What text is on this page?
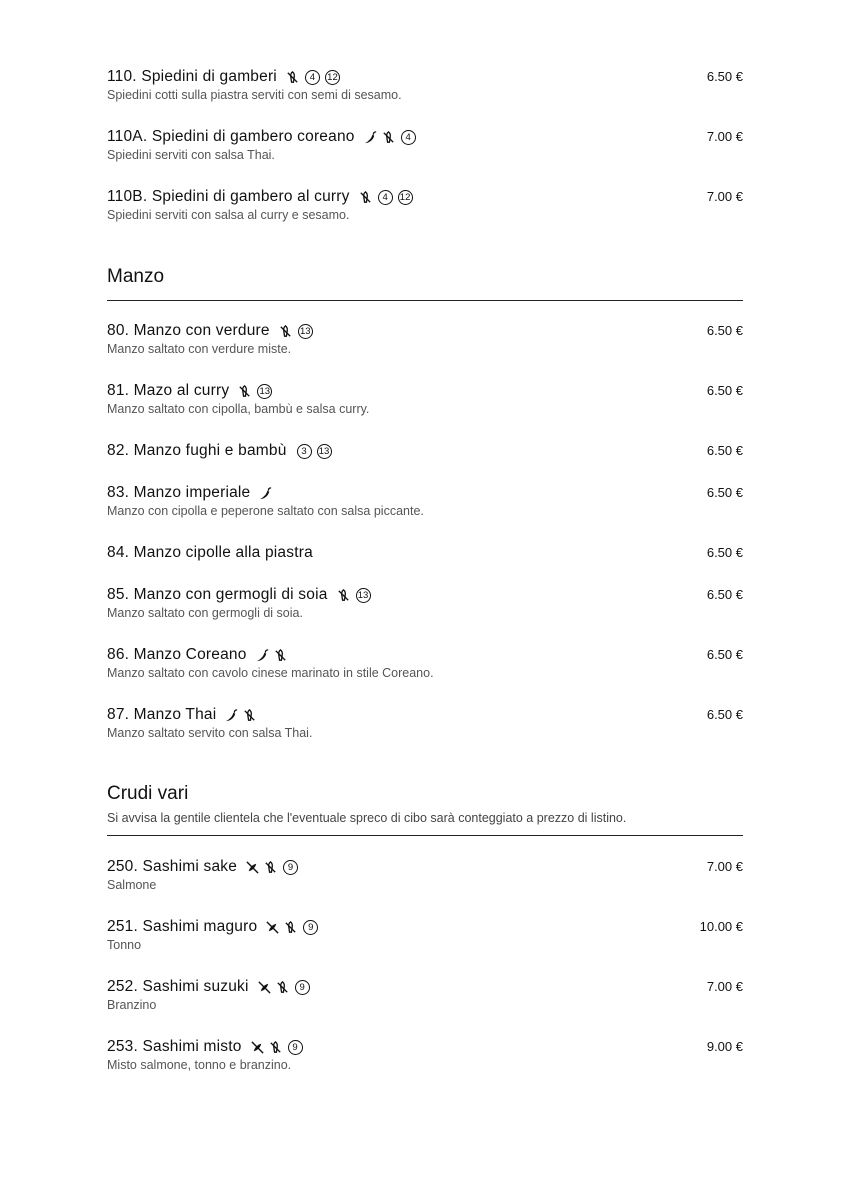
110. Spiedini di gamberi	4	12	6.50 €
Spiedini cotti sulla piastra serviti con semi di sesamo.
110A. Spiedini di gambero coreano	4	7.00 €
Spiedini serviti con salsa Thai.
110B. Spiedini di gambero al curry	4	12	7.00 €
Spiedini serviti con salsa al curry e sesamo.
Manzo
80. Manzo con verdure	13	6.50 €
Manzo saltato con verdure miste.
81. Mazo al curry	13	6.50 €
Manzo saltato con cipolla, bambù e salsa curry.
82. Manzo fughi e bambù	3	13	6.50 €
83. Manzo imperiale	6.50 €
Manzo con cipolla e peperone saltato con salsa piccante.
84. Manzo cipolle alla piastra	6.50 €
85. Manzo con germogli di soia	13	6.50 €
Manzo saltato con germogli di soia.
86. Manzo Coreano	6.50 €
Manzo saltato con cavolo cinese marinato in stile Coreano.
87. Manzo Thai	6.50 €
Manzo saltato servito con salsa Thai.
Crudi vari
Si avvisa la gentile clientela che l'eventuale spreco di cibo sarà conteggiato a prezzo di listino.
250. Sashimi sake	9	7.00 €
Salmone
251. Sashimi maguro	9	10.00 €
Tonno
252. Sashimi suzuki	9	7.00 €
Branzino
253. Sashimi misto	9	9.00 €
Misto salmone, tonno e branzino.
